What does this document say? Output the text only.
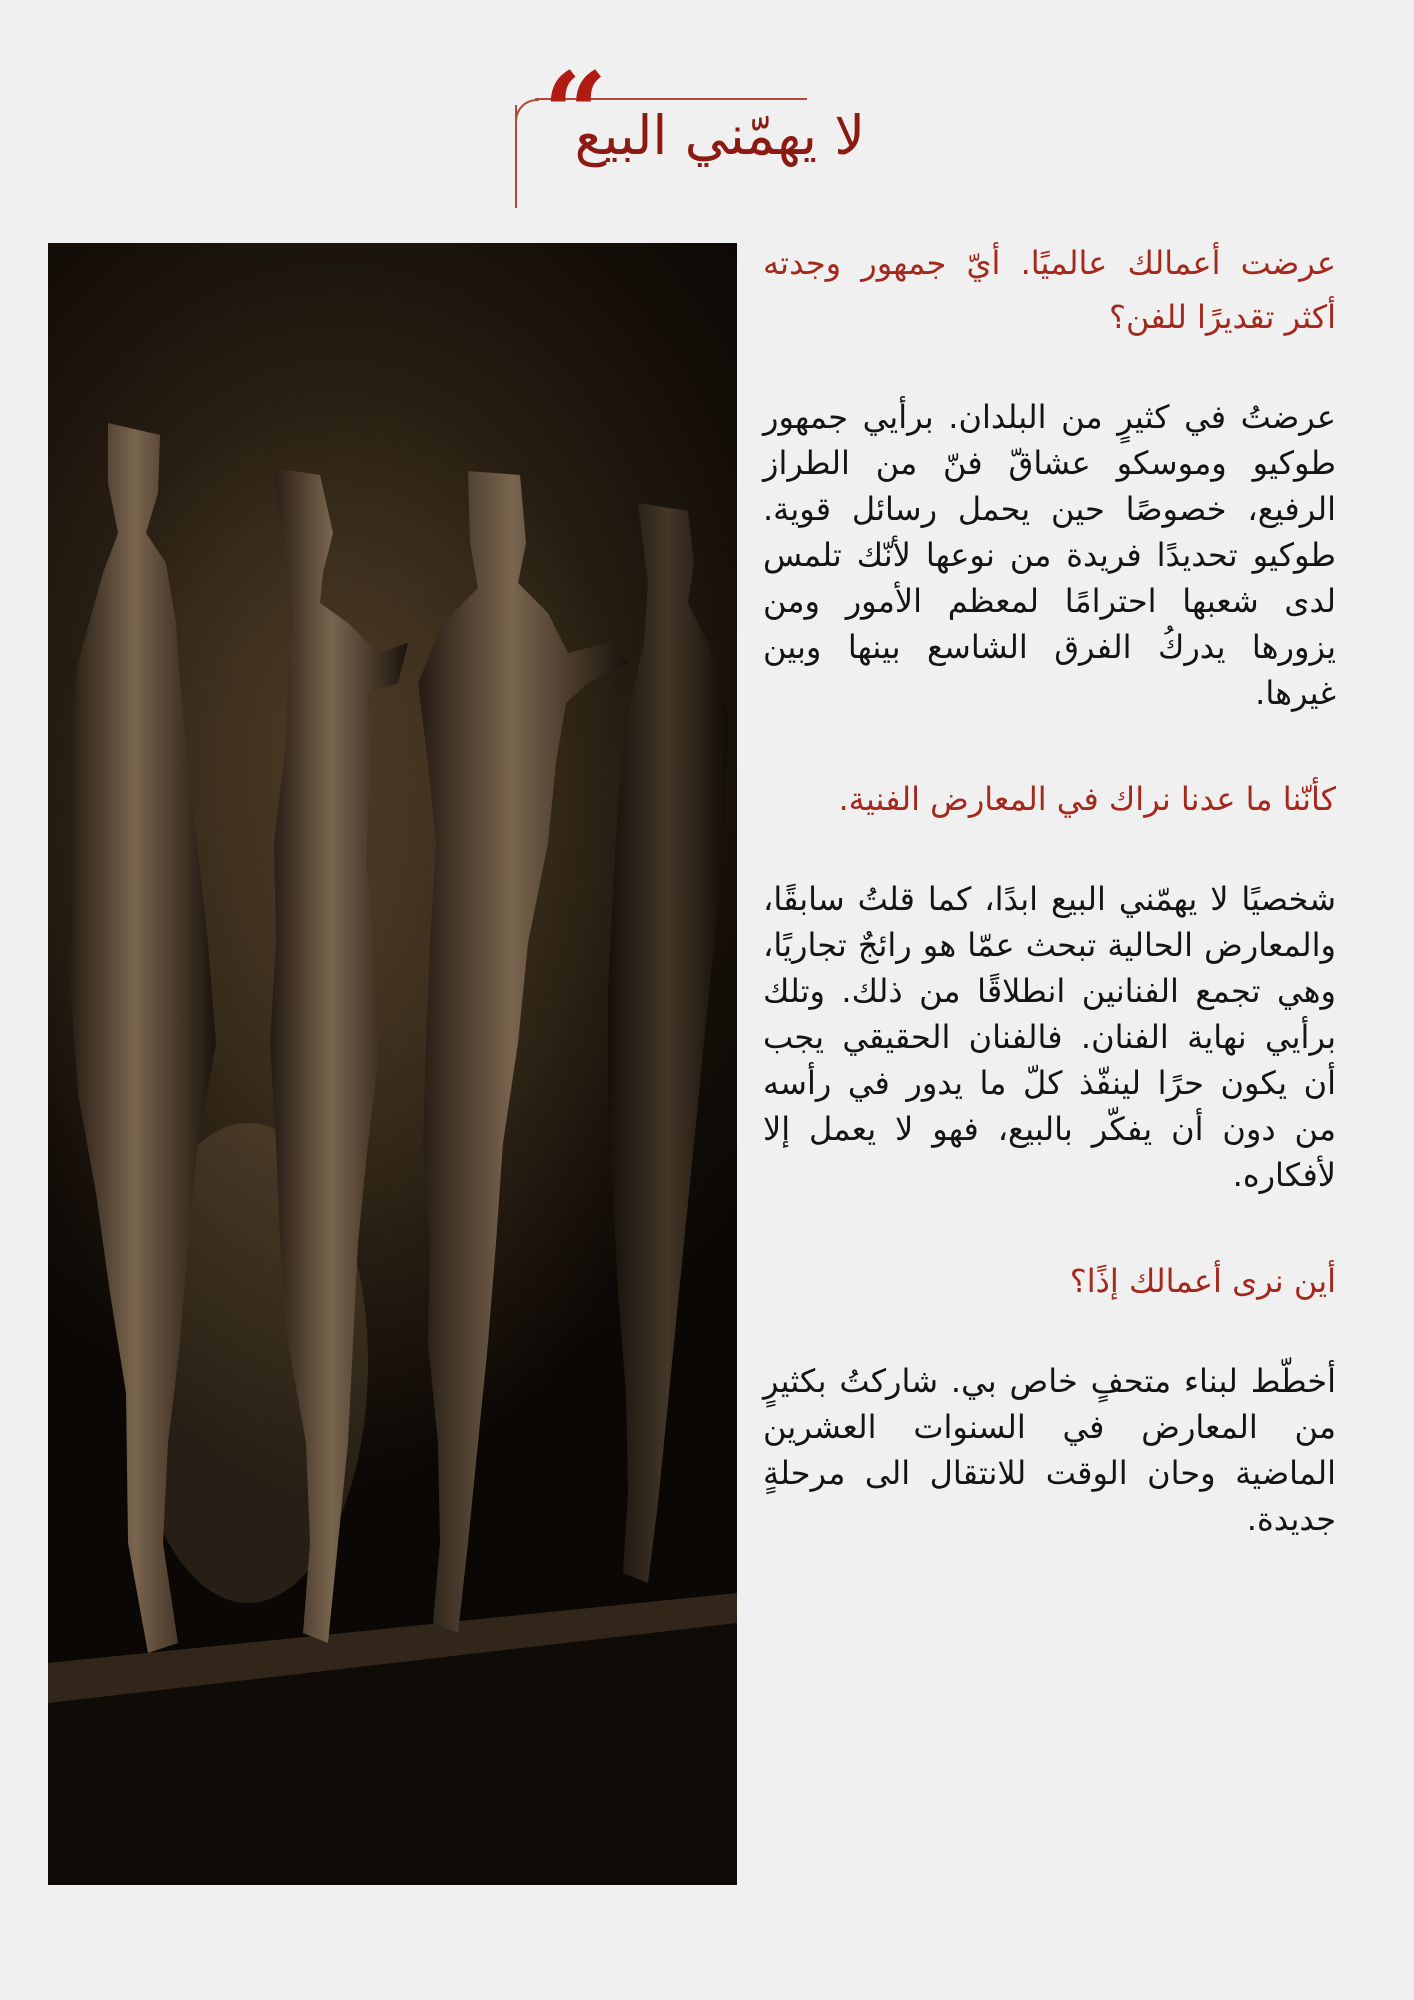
“
لا يهمّني البيع

عرضت أعمالك عالميًا. أيّ جمهور وجدته أكثر تقديرًا للفن؟

عرضتُ في كثيرٍ من البلدان. برأيي جمهور طوكيو وموسكو عشاقّ فنّ من الطراز الرفيع، خصوصًا حين يحمل رسائل قوية. طوكيو تحديدًا فريدة من نوعها لأنّك تلمس لدى شعبها احترامًا لمعظم الأمور ومن يزورها يدركُ الفرق الشاسع بينها وبين غيرها.

كأنّنا ما عدنا نراك في المعارض الفنية.

شخصيًا لا يهمّني البيع ابدًا، كما قلتُ سابقًا، والمعارض الحالية تبحث عمّا هو رائجٌ تجاريًا، وهي تجمع الفنانين انطلاقًا من ذلك. وتلك برأيي نهاية الفنان. فالفنان الحقيقي يجب أن يكون حرًا لينفّذ كلّ ما يدور في رأسه من دون أن يفكّر بالبيع، فهو لا يعمل إلا لأفكاره.

أين نرى أعمالك إذًا؟

أخطّط لبناء متحفٍ خاص بي. شاركتُ بكثيرٍ من المعارض في السنوات العشرين الماضية وحان الوقت للانتقال الى مرحلةٍ جديدة.
